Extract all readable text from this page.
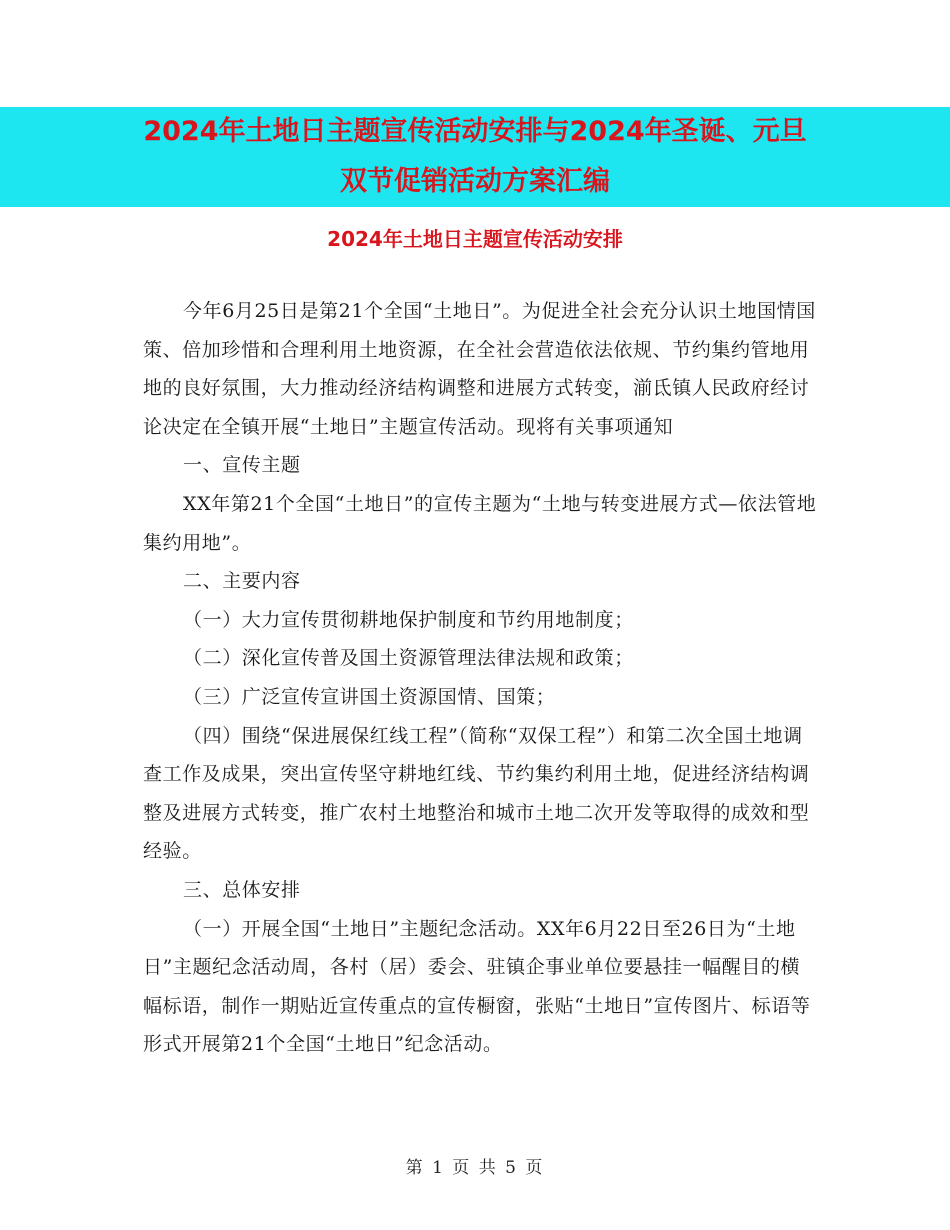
2024年土地日主题宣传活动安排与2024年圣诞、元旦
双节促销活动方案汇编
2024年土地日主题宣传活动安排

今年6月25日是第21个全国“土地日”。为促进全社会充分认识土地国情国策、倍加珍惜和合理利用土地资源，在全社会营造依法依规、节约集约管地用地的良好氛围，大力推动经济结构调整和进展方式转变，湔氐镇人民政府经讨论决定在全镇开展“土地日”主题宣传活动。现将有关事项通知

一、宣传主题

XX年第21个全国“土地日”的宣传主题为“土地与转变进展方式—依法管地集约用地”。

二、主要内容

（一）大力宣传贯彻耕地保护制度和节约用地制度；

（二）深化宣传普及国土资源管理法律法规和政策；

（三）广泛宣传宣讲国土资源国情、国策；

（四）围绕“保进展保红线工程”（简称“双保工程”）和第二次全国土地调查工作及成果，突出宣传坚守耕地红线、节约集约利用土地，促进经济结构调整及进展方式转变，推广农村土地整治和城市土地二次开发等取得的成效和型经验。

三、总体安排

（一）开展全国“土地日”主题纪念活动。XX年6月22日至26日为“土地日”主题纪念活动周，各村（居）委会、驻镇企事业单位要悬挂一幅醒目的横幅标语，制作一期贴近宣传重点的宣传橱窗，张贴“土地日”宣传图片、标语等形式开展第21个全国“土地日”纪念活动。

第 1 页 共 5 页
